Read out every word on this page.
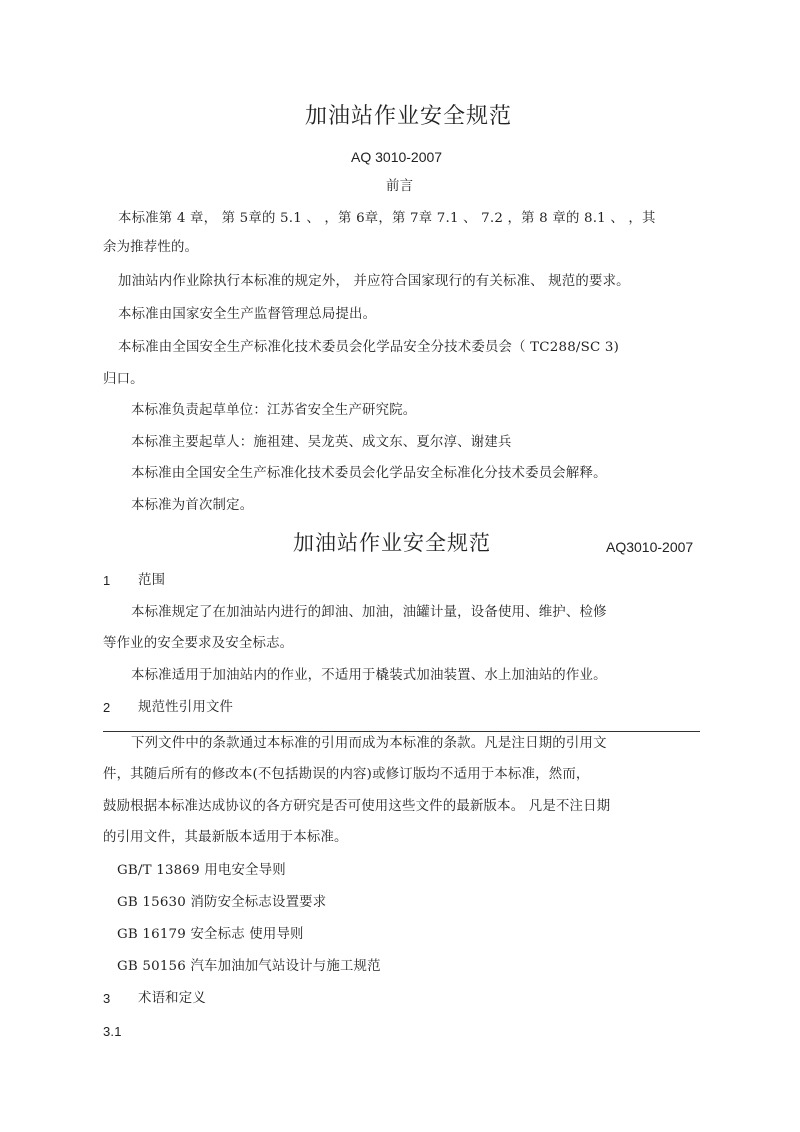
加油站作业安全规范
AQ 3010-2007
前言
本标准第 4 章， 第 5章的 5.1 、 ，第 6章，第 7章 7.1 、 7.2 ，第 8 章的 8.1 、 ，其
余为推荐性的。
加油站内作业除执行本标准的规定外， 并应符合国家现行的有关标准、 规范的要求。
本标准由国家安全生产监督管理总局提出。
本标准由全国安全生产标准化技术委员会化学品安全分技术委员会（ TC288/SC 3)
归口。
本标准负责起草单位：江苏省安全生产研究院。
本标准主要起草人：施祖建、吴龙英、成文东、夏尔淳、谢建兵
本标准由全国安全生产标准化技术委员会化学品安全标准化分技术委员会解释。
本标准为首次制定。
加油站作业安全规范	AQ3010-2007
1 范围
本标准规定了在加油站内进行的卸油、加油，油罐计量，设备使用、维护、检修
等作业的安全要求及安全标志。
本标准适用于加油站内的作业，不适用于橇装式加油装置、水上加油站的作业。
2 规范性引用文件
下列文件中的条款通过本标准的引用而成为本标准的条款。凡是注日期的引用文
件，其随后所有的修改本(不包括勘误的内容)或修订版均不适用于本标准，然而，
鼓励根据本标准达成协议的各方研究是否可使用这些文件的最新版本。 凡是不注日期
的引用文件，其最新版本适用于本标准。
GB/T 13869 用电安全导则
GB 15630 消防安全标志设置要求
GB 16179 安全标志 使用导则
GB 50156 汽车加油加气站设计与施工规范
3 术语和定义
3.1
